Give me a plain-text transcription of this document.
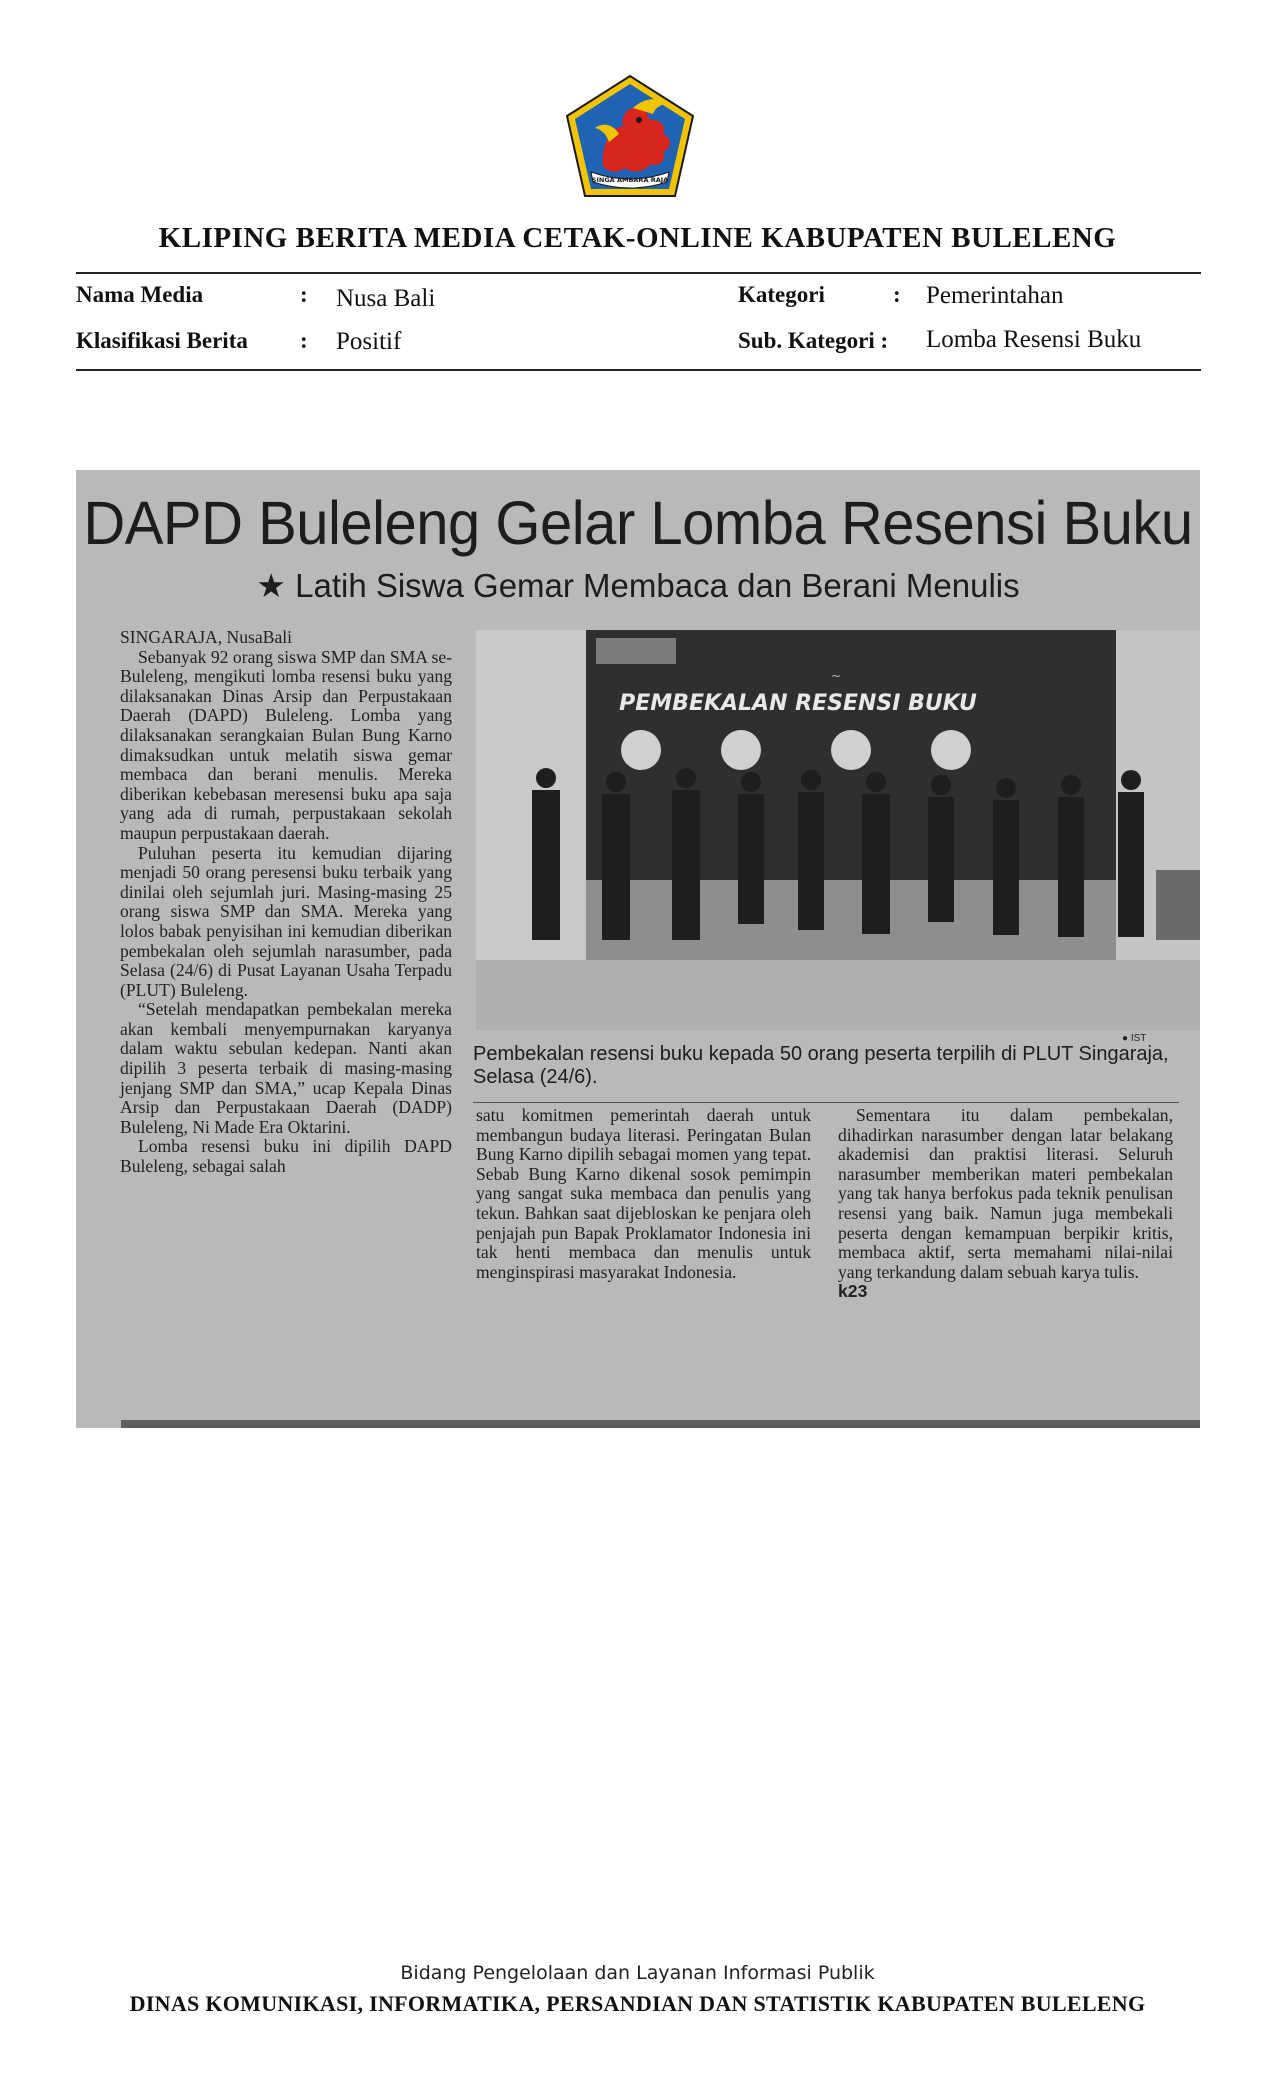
SINGA AMBARA RAJA
KLIPING BERITA MEDIA CETAK-ONLINE KABUPATEN BULELENG
Nama Media	: Nusa Bali
Klasifikasi Berita : Positif
Kategori	: Pemerintahan
Sub. Kategori : Lomba Resensi Buku
DAPD Buleleng Gelar Lomba Resensi Buku
★ Latih Siswa Gemar Membaca dan Berani Menulis

SINGARAJA, NusaBali

Sebanyak 92 orang siswa SMP dan SMA se-Buleleng, mengikuti lomba resensi buku yang dilaksanakan Dinas Arsip dan Perpustakaan Daerah (DAPD) Buleleng. Lomba yang dilaksanakan serangkaian Bulan Bung Karno dimaksudkan untuk melatih siswa gemar membaca dan berani menulis. Mereka diberikan kebebasan meresensi buku apa saja yang ada di rumah, perpustakaan sekolah maupun perpustakaan daerah.

Puluhan peserta itu kemudian dijaring menjadi 50 orang peresensi buku terbaik yang dinilai oleh sejumlah juri. Masing-masing 25 orang siswa SMP dan SMA. Mereka yang lolos babak penyisihan ini kemudian diberikan pembekalan oleh sejumlah narasumber, pada Selasa (24/6) di Pusat Layanan Usaha Terpadu (PLUT) Buleleng.

“Setelah mendapatkan pembekalan mereka akan kembali menyempurnakan karyanya dalam waktu sebulan kedepan. Nanti akan dipilih 3 peserta terbaik di masing-masing jenjang SMP dan SMA,” ucap Kepala Dinas Arsip dan Perpustakaan Daerah (DADP) Buleleng, Ni Made Era Oktarini.

Lomba resensi buku ini dipilih DAPD Buleleng, sebagai salah

~
PEMBEKALAN RESENSI BUKU
● IST
Pembekalan resensi buku kepada 50 orang peserta terpilih di PLUT Singaraja, Selasa (24/6).

satu komitmen pemerintah daerah untuk membangun budaya literasi. Peringatan Bulan Bung Karno dipilih sebagai momen yang tepat. Sebab Bung Karno dikenal sosok pemimpin yang sangat suka membaca dan penulis yang tekun. Bahkan saat dijebloskan ke penjara oleh penjajah pun Bapak Proklamator Indonesia ini tak henti membaca dan menulis untuk menginspirasi masyarakat Indonesia.

Sementara itu dalam pembekalan, dihadirkan narasumber dengan latar belakang akademisi dan praktisi literasi. Seluruh narasumber memberikan materi pembekalan yang tak hanya berfokus pada teknik penulisan resensi yang baik. Namun juga membekali peserta dengan kemampuan berpikir kritis, membaca aktif, serta memahami nilai-nilai yang terkandung dalam sebuah karya tulis.

k23

Bidang Pengelolaan dan Layanan Informasi Publik
DINAS KOMUNIKASI, INFORMATIKA, PERSANDIAN DAN STATISTIK KABUPATEN BULELENG
